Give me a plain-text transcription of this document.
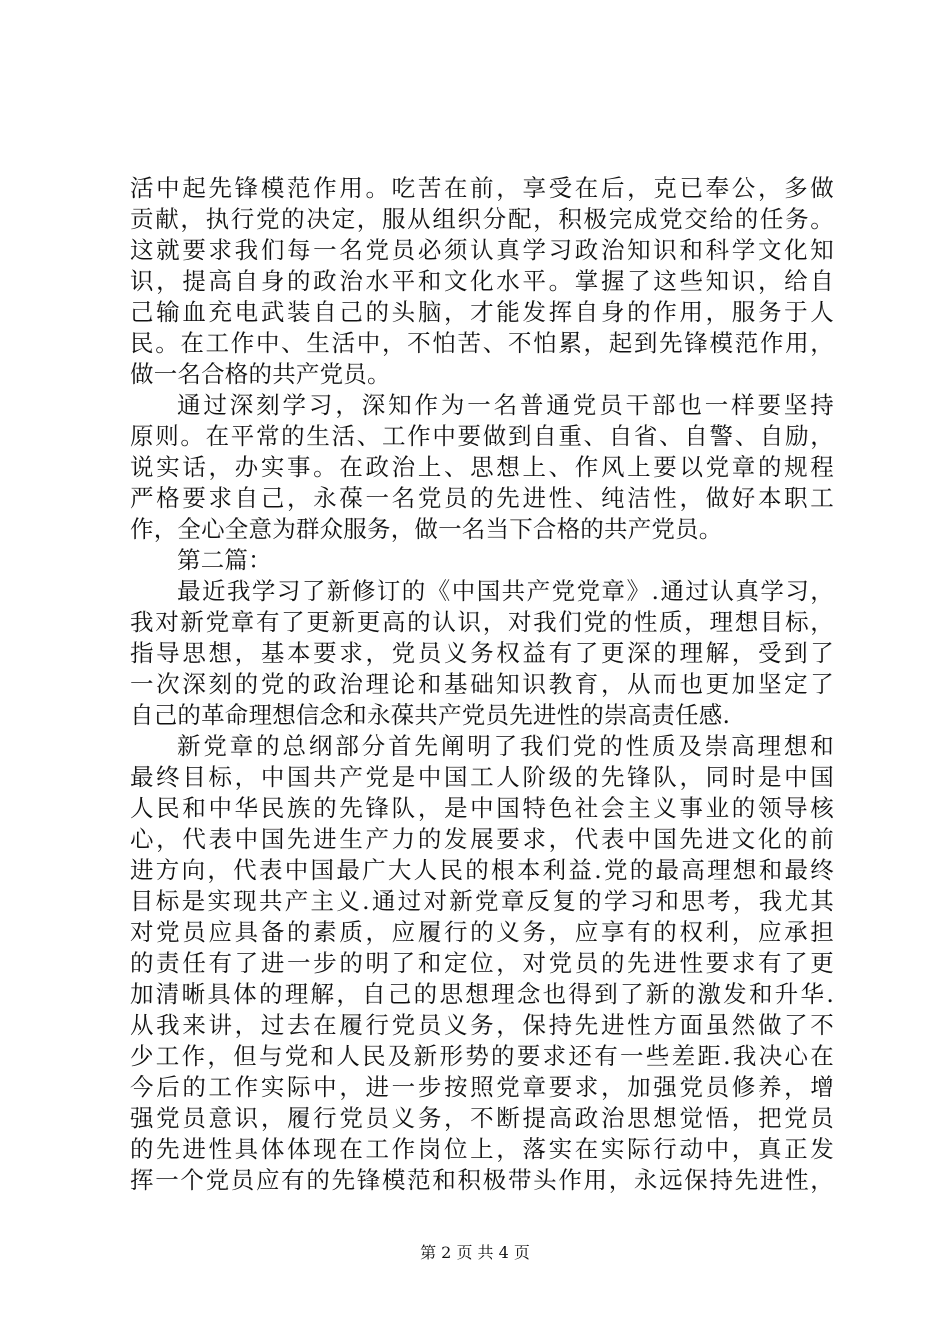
活中起先锋模范作用。吃苦在前，享受在后，克已奉公，多做
贡献，执行党的决定，服从组织分配，积极完成党交给的任务。
这就要求我们每一名党员必须认真学习政治知识和科学文化知
识，提高自身的政治水平和文化水平。掌握了这些知识，给自
己输血充电武装自己的头脑，才能发挥自身的作用，服务于人
民。在工作中、生活中，不怕苦、不怕累，起到先锋模范作用，
做一名合格的共产党员。
通过深刻学习，深知作为一名普通党员干部也一样要坚持
原则。在平常的生活、工作中要做到自重、自省、自警、自励，
说实话，办实事。在政治上、思想上、作风上要以党章的规程
严格要求自己，永葆一名党员的先进性、纯洁性，做好本职工
作，全心全意为群众服务，做一名当下合格的共产党员。
第二篇：
最近我学习了新修订的《中国共产党党章》.通过认真学习，
我对新党章有了更新更高的认识，对我们党的性质，理想目标，
指导思想，基本要求，党员义务权益有了更深的理解，受到了
一次深刻的党的政治理论和基础知识教育，从而也更加坚定了
自己的革命理想信念和永葆共产党员先进性的崇高责任感.
新党章的总纲部分首先阐明了我们党的性质及崇高理想和
最终目标，中国共产党是中国工人阶级的先锋队，同时是中国
人民和中华民族的先锋队，是中国特色社会主义事业的领导核
心，代表中国先进生产力的发展要求，代表中国先进文化的前
进方向，代表中国最广大人民的根本利益.党的最高理想和最终
目标是实现共产主义.通过对新党章反复的学习和思考，我尤其
对党员应具备的素质，应履行的义务，应享有的权利，应承担
的责任有了进一步的明了和定位，对党员的先进性要求有了更
加清晰具体的理解，自己的思想理念也得到了新的激发和升华.
从我来讲，过去在履行党员义务，保持先进性方面虽然做了不
少工作，但与党和人民及新形势的要求还有一些差距.我决心在
今后的工作实际中，进一步按照党章要求，加强党员修养，增
强党员意识，履行党员义务，不断提高政治思想觉悟，把党员
的先进性具体体现在工作岗位上，落实在实际行动中，真正发
挥一个党员应有的先锋模范和积极带头作用，永远保持先进性，
第 2 页 共 4 页
